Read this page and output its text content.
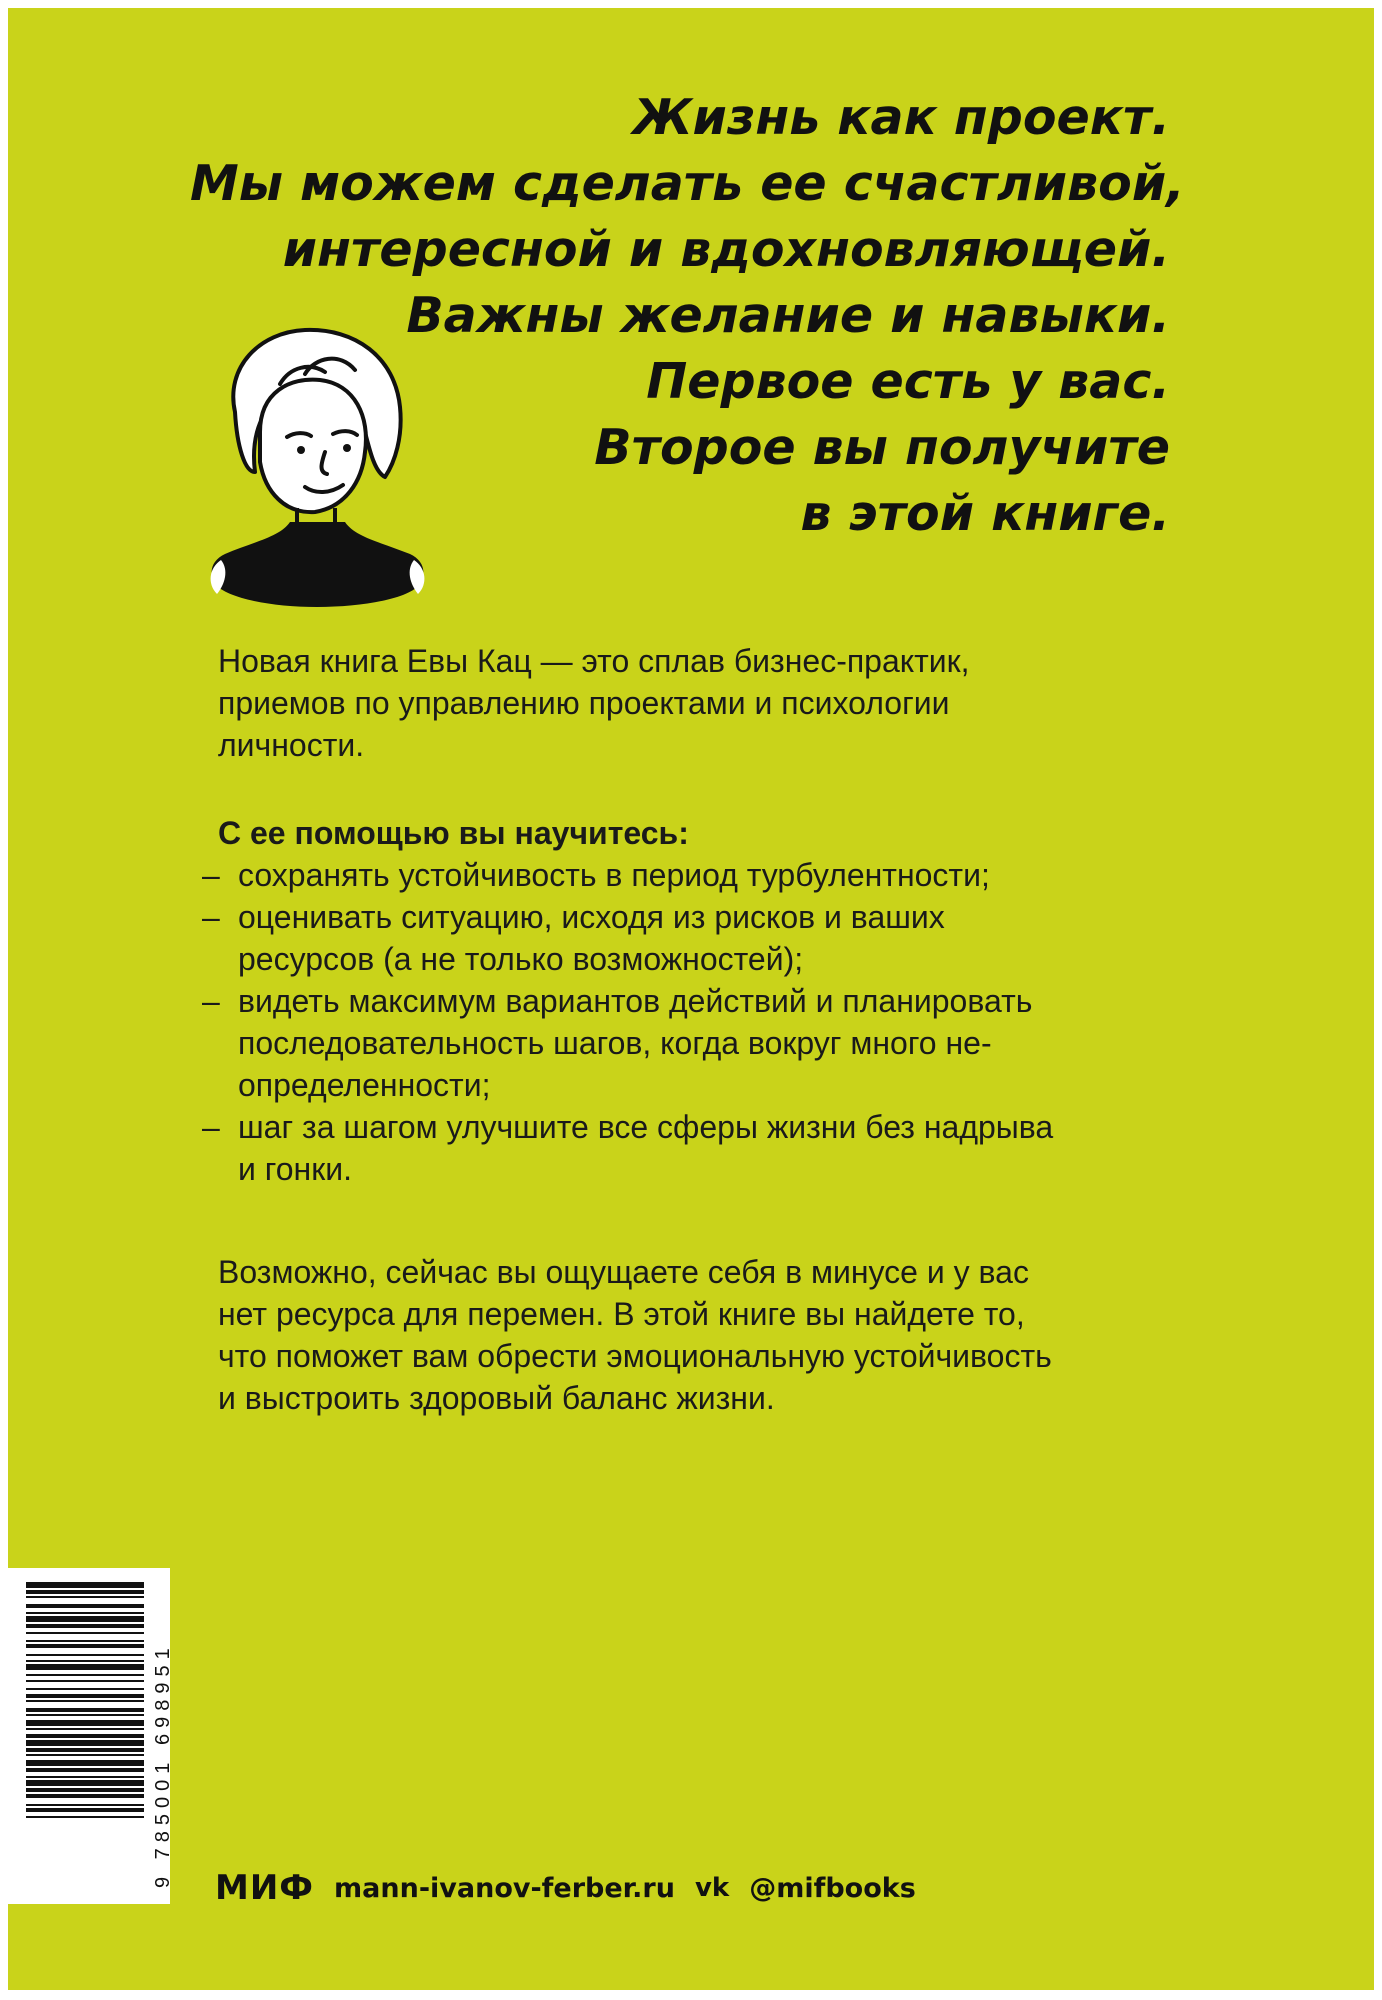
Жизнь как проект.
Мы можем сделать ее счастливой,
интересной и вдохновляющей.
Важны желание и навыки.
Первое есть у вас.
Второе вы получите
в этой книге.
Новая книга Евы Кац — это сплав бизнес-практик,
приемов по управлению проектами и психологии
личности.
С ее помощью вы научитесь:
– сохранять устойчивость в период турбулентности;
– оценивать ситуацию, исходя из рисков и ваших
ресурсов (а не только возможностей);
– видеть максимум вариантов действий и планировать
последовательность шагов, когда вокруг много не-
определенности;
– шаг за шагом улучшите все сферы жизни без надрыва
и гонки.
Возможно, сейчас вы ощущаете себя в минусе и у вас
нет ресурса для перемен. В этой книге вы найдете то,
что поможет вам обрести эмоциональную устойчивость
и выстроить здоровый баланс жизни.
9 785001 698951 МИФ mann-ivanov-ferber.ru vk @mifbooks
